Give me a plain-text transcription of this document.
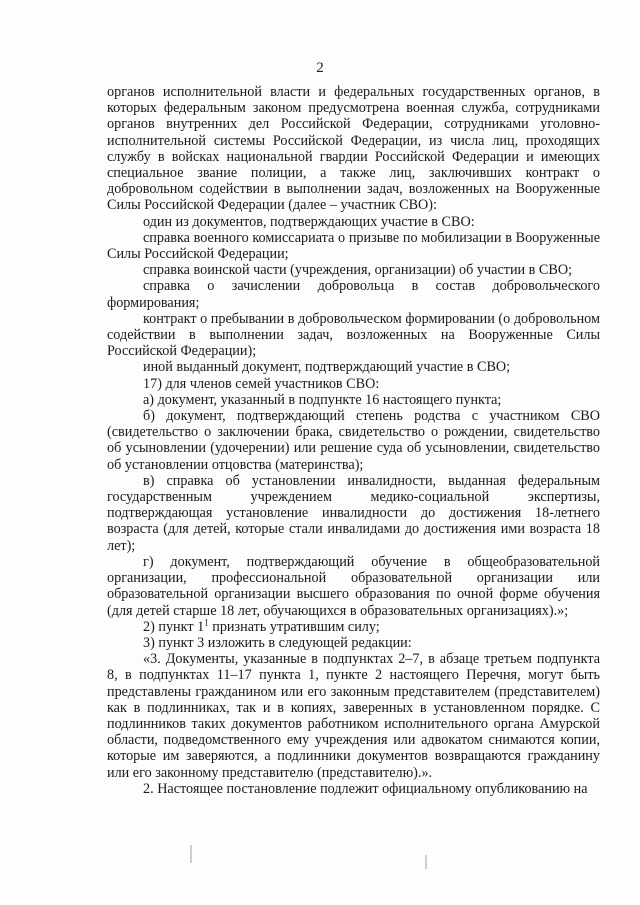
2

органов исполнительной власти и федеральных государственных органов, в которых федеральным законом предусмотрена военная служба, сотрудниками органов внутренних дел Российской Федерации, сотрудниками уголовно-исполнительной системы Российской Федерации, из числа лиц, проходящих службу в войсках национальной гвардии Российской Федерации и имеющих специальное звание полиции, а также лиц, заключивших контракт о добровольном содействии в выполнении задач, возложенных на Вооруженные Силы Российской Федерации (далее – участник СВО):

один из документов, подтверждающих участие в СВО:

справка военного комиссариата о призыве по мобилизации в Вооруженные Силы Российской Федерации;

справка воинской части (учреждения, организации) об участии в СВО;

справка о зачислении добровольца в состав добровольческого формирования;

контракт о пребывании в добровольческом формировании (о добровольном содействии в выполнении задач, возложенных на Вооруженные Силы Российской Федерации);

иной выданный документ, подтверждающий участие в СВО;

17) для членов семей участников СВО:

а) документ, указанный в подпункте 16 настоящего пункта;

б) документ, подтверждающий степень родства с участником СВО (свидетельство о заключении брака, свидетельство о рождении, свидетельство об усыновлении (удочерении) или решение суда об усыновлении, свидетельство об установлении отцовства (материнства);

в) справка об установлении инвалидности, выданная федеральным государственным учреждением медико-социальной экспертизы, подтверждающая установление инвалидности до достижения 18-летнего возраста (для детей, которые стали инвалидами до достижения ими возраста 18 лет);

г) документ, подтверждающий обучение в общеобразовательной организации, профессиональной образовательной организации или образовательной организации высшего образования по очной форме обучения (для детей старше 18 лет, обучающихся в образовательных организациях).»;

2) пункт $1^1$ признать утратившим силу;

3) пункт 3 изложить в следующей редакции:

«3. Документы, указанные в подпунктах 2–7, в абзаце третьем подпункта 8, в подпунктах 11–17 пункта 1, пункте 2 настоящего Перечня, могут быть представлены гражданином или его законным представителем (представителем) как в подлинниках, так и в копиях, заверенных в установленном порядке. С подлинников таких документов работником исполнительного органа Амурской области, подведомственного ему учреждения или адвокатом снимаются копии, которые им заверяются, а подлинники документов возвращаются гражданину или его законному представителю (представителю).».

2. Настоящее постановление подлежит официальному опубликованию на
